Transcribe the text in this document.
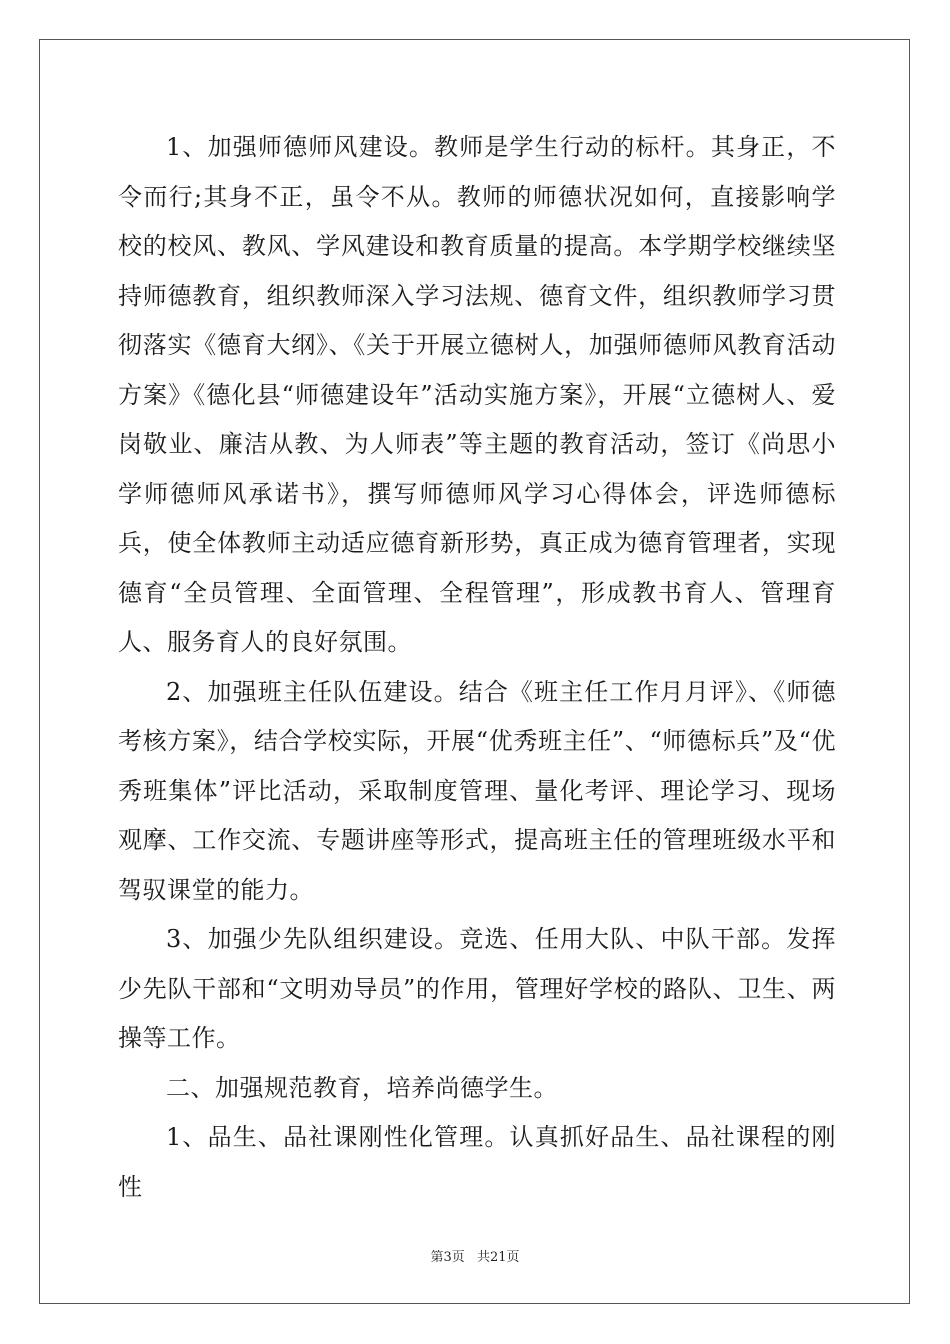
1、加强师德师风建设。教师是学生行动的标杆。其身正，不令而行;其身不正，虽令不从。教师的师德状况如何，直接影响学校的校风、教风、学风建设和教育质量的提高。本学期学校继续坚持师德教育，组织教师深入学习法规、德育文件，组织教师学习贯彻落实《德育大纲》、《关于开展立德树人，加强师德师风教育活动方案》《德化县“师德建设年”活动实施方案》，开展“立德树人、爱岗敬业、廉洁从教、为人师表”等主题的教育活动，签订《尚思小学师德师风承诺书》，撰写师德师风学习心得体会，评选师德标兵，使全体教师主动适应德育新形势，真正成为德育管理者，实现德育“全员管理、全面管理、全程管理”，形成教书育人、管理育人、服务育人的良好氛围。

2、加强班主任队伍建设。结合《班主任工作月月评》、《师德考核方案》，结合学校实际，开展“优秀班主任”、“师德标兵”及“优秀班集体”评比活动，采取制度管理、量化考评、理论学习、现场观摩、工作交流、专题讲座等形式，提高班主任的管理班级水平和驾驭课堂的能力。

3、加强少先队组织建设。竞选、任用大队、中队干部。发挥少先队干部和“文明劝导员”的作用，管理好学校的路队、卫生、两操等工作。

二、加强规范教育，培养尚德学生。

1、品生、品社课刚性化管理。认真抓好品生、品社课程的刚性

第3页 共21页
